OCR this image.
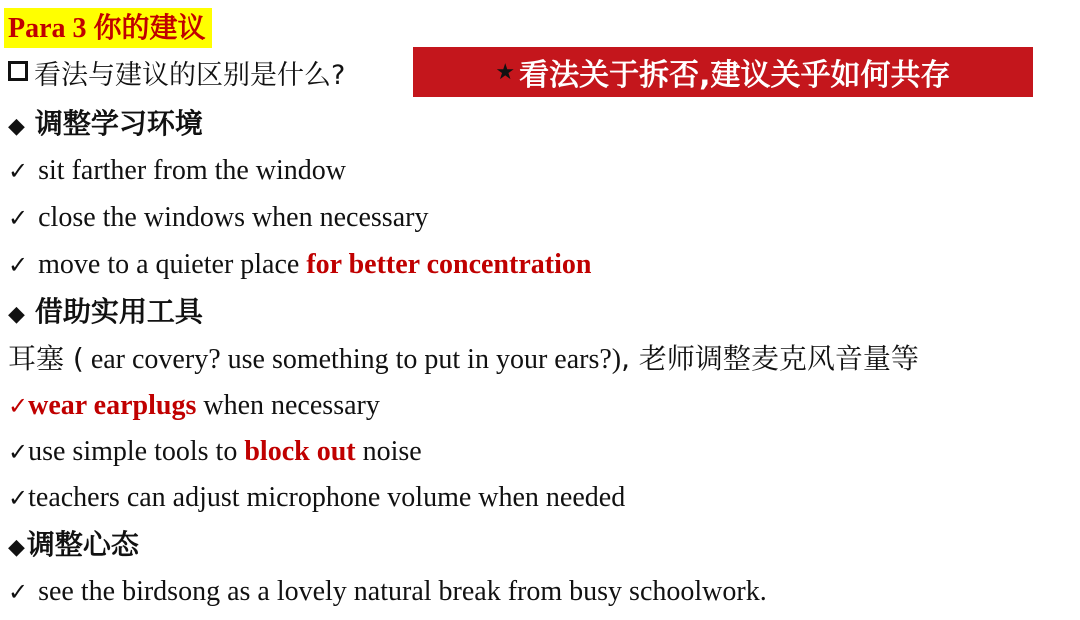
Para 3 你的建议
看法与建议的区别是什么?	★ 看法关于拆否,建议关乎如何共存
◆ 调整学习环境
✓ sit farther from the window
✓ close the windows when necessary
✓ move to a quieter place for better concentration
◆ 借助实用工具
耳塞 ( ear covery? use something to put in your ears?), 老师调整麦克风音量等
✓wear earplugs when necessary
✓use simple tools to block out noise
✓teachers can adjust microphone volume when needed
◆调整心态
✓ see the birdsong as a lovely natural break from busy schoolwork.
